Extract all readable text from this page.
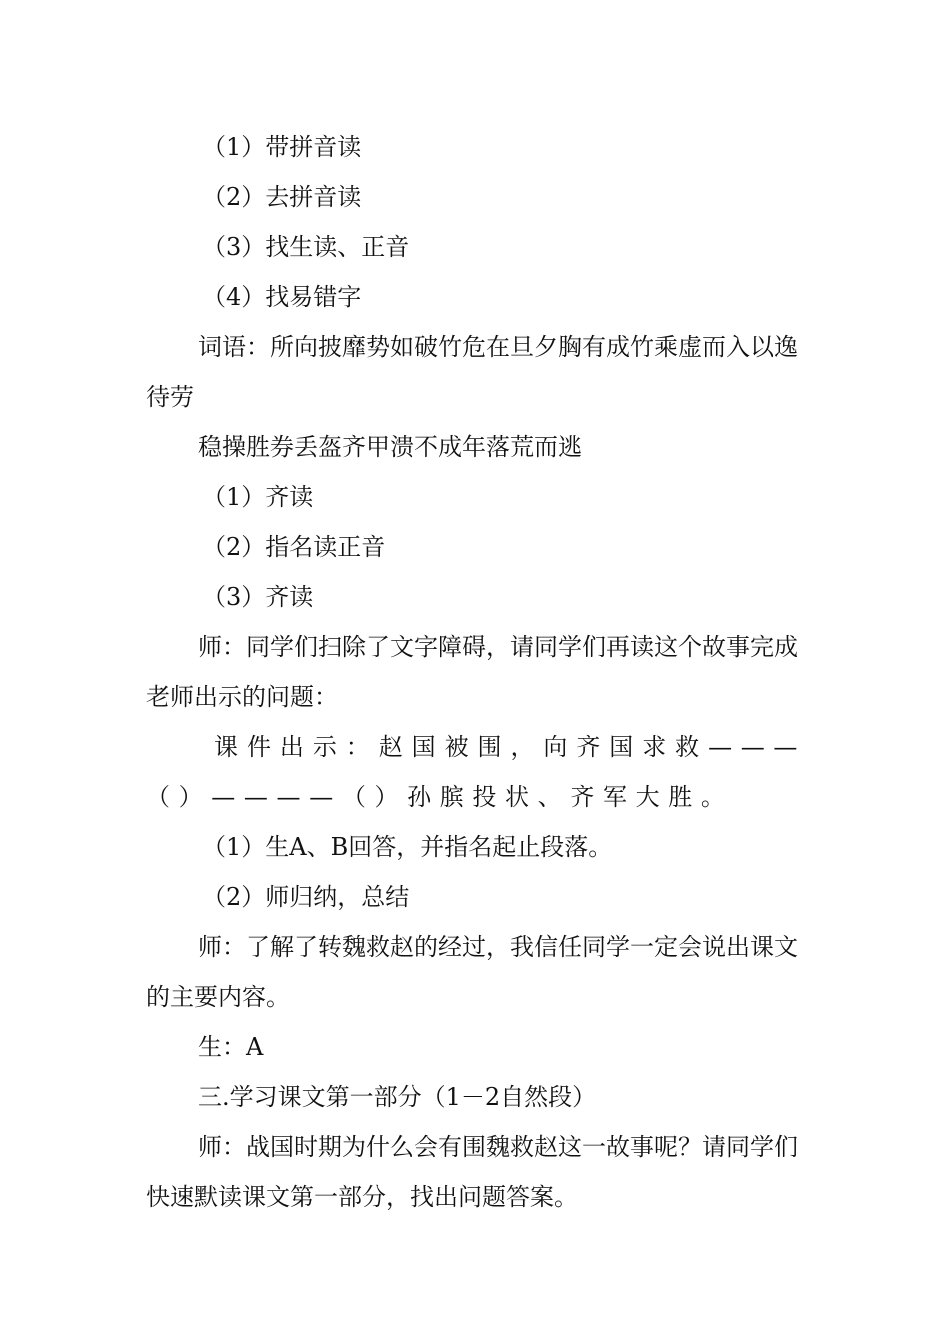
（1）带拼音读

（2）去拼音读

（3）找生读、正音

（4）找易错字

词语：所向披靡势如破竹危在旦夕胸有成竹乘虚而入以逸待劳

稳操胜券丢盔齐甲溃不成年落荒而逃

（1）齐读

（2）指名读正音

（3）齐读

师：同学们扫除了文字障碍，请同学们再读这个故事完成老师出示的问题：

课件出示：赵国被围，向齐国求救———（）————（）孙膑投状、齐军大胜。

（1）生A、B回答，并指名起止段落。

（2）师归纳，总结

师：了解了转魏救赵的经过，我信任同学一定会说出课文的主要内容。

生：A

三.学习课文第一部分（1－2自然段）

师：战国时期为什么会有围魏救赵这一故事呢？请同学们快速默读课文第一部分，找出问题答案。
